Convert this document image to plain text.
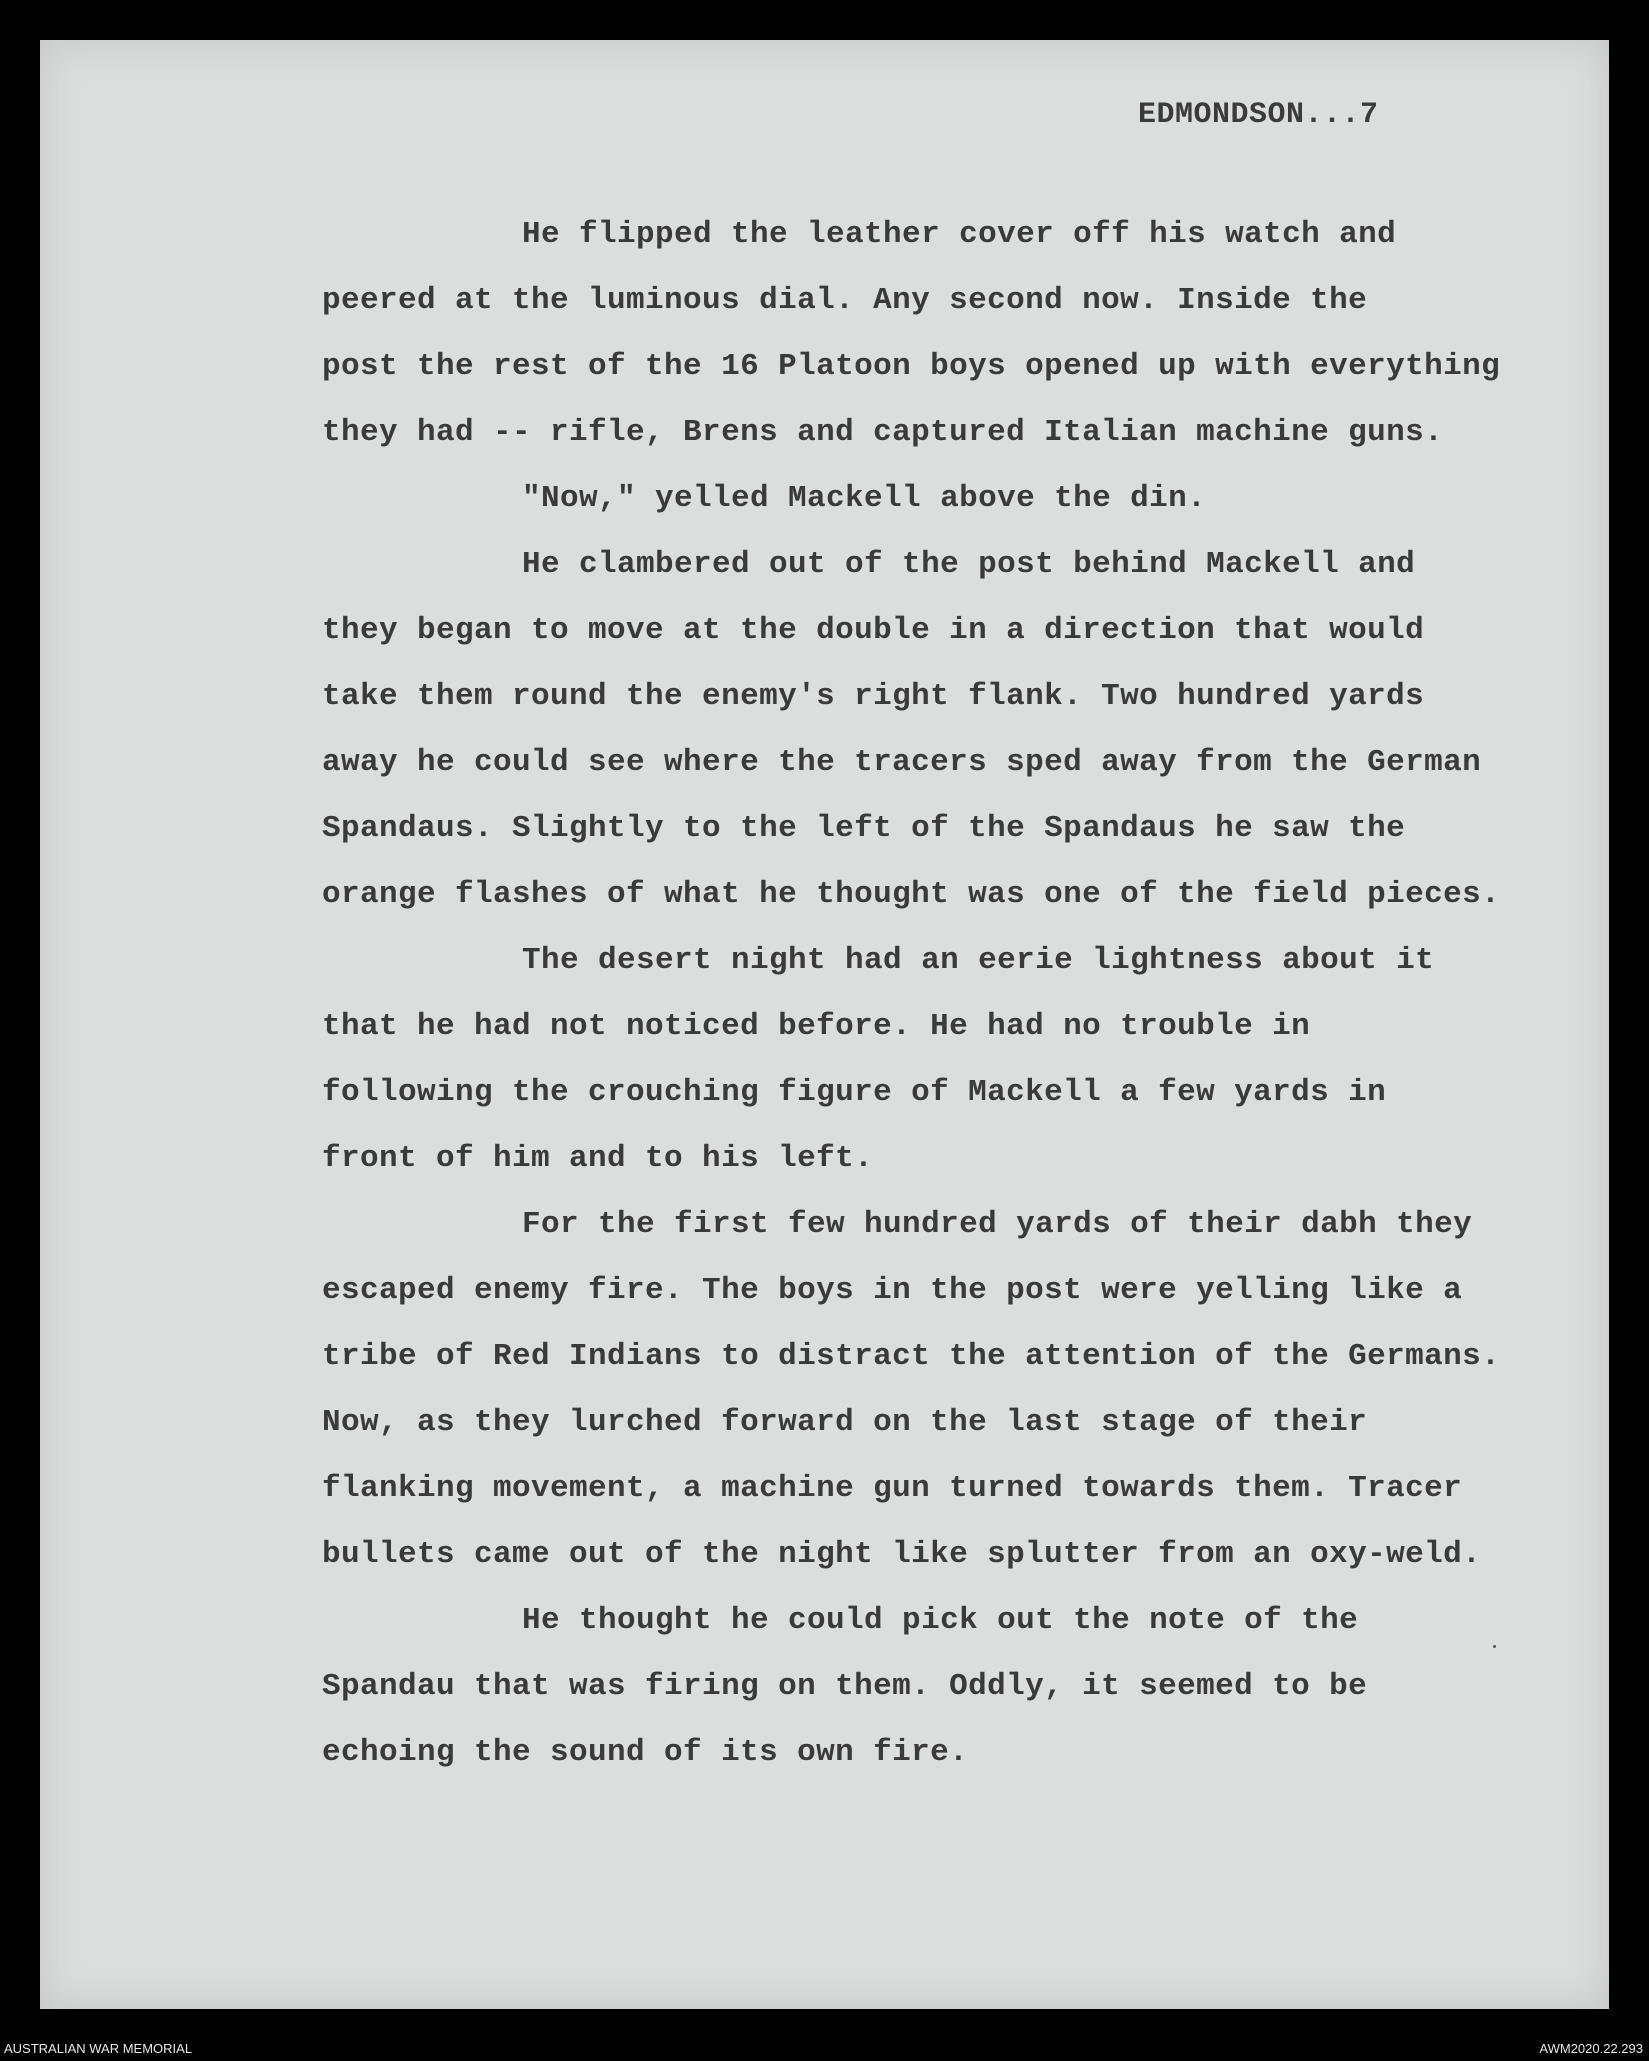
EDMONDSON...7

He flipped the leather cover off his watch and
peered at the luminous dial. Any second now. Inside the
post the rest of the 16 Platoon boys opened up with everything
they had -- rifle, Brens and captured Italian machine guns.
"Now," yelled Mackell above the din.
He clambered out of the post behind Mackell and
they began to move at the double in a direction that would
take them round the enemy's right flank. Two hundred yards
away he could see where the tracers sped away from the German
Spandaus. Slightly to the left of the Spandaus he saw the
orange flashes of what he thought was one of the field pieces.
The desert night had an eerie lightness about it
that he had not noticed before. He had no trouble in
following the crouching figure of Mackell a few yards in
front of him and to his left.
For the first few hundred yards of their dabh they
escaped enemy fire. The boys in the post were yelling like a
tribe of Red Indians to distract the attention of the Germans.
Now, as they lurched forward on the last stage of their
flanking movement, a machine gun turned towards them. Tracer
bullets came out of the night like splutter from an oxy-weld.
He thought he could pick out the note of the
Spandau that was firing on them. Oddly, it seemed to be
echoing the sound of its own fire.
AUSTRALIAN WAR MEMORIAL	AWM2020.22.293
